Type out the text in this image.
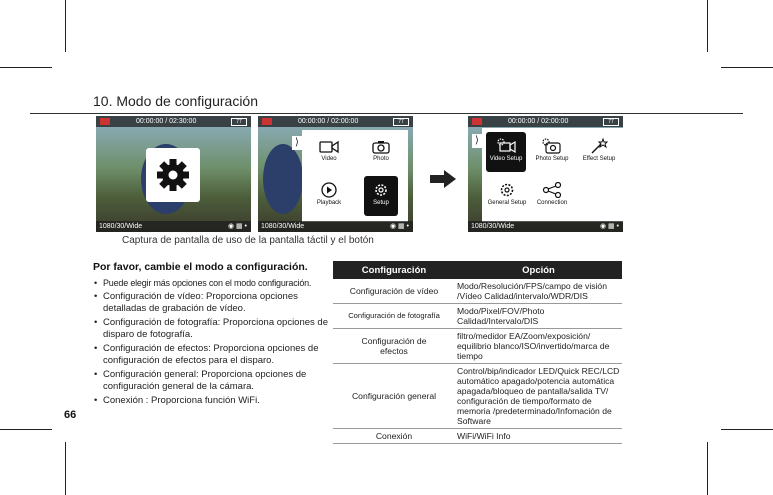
10. Modo de configuración
00:00:00 / 02:30:00	77
1080/30/Wide	◉ ▦ •
00:00:00 / 02:00:00	77
⟩
Video	Photo
Playback	Setup
1080/30/Wide	◉ ▦ •
00:00:00 / 02:00:00	77
⟩
Video Setup	Photo Setup	Effect Setup
General Setup	Connection
1080/30/Wide	◉ ▦ •
Captura de pantalla de uso de la pantalla táctil y el botón
Por favor, cambie el modo a configuración.
• Puede elegir más opciones con el modo configuración.
• Configuración de vídeo: Proporciona opciones detalladas de grabación de vídeo.
• Configuración de fotografía: Proporciona opciones de disparo de fotografía.
• Configuración de efectos: Proporciona opciones de configuración de efectos para el disparo.
• Configuración general: Proporciona opciones de configuración general de la cámara.
• Conexión : Proporciona función WiFi.
66
Configuración	Opción
Configuración de vídeo	Modo/Resolución/FPS/campo de visión /Vídeo Calidad/intervalo/WDR/DIS
Configuración de fotografía	Modo/Pixel/FOV/Photo Calidad/Intervalo/DIS
Configuración de efectos	filtro/medidor EA/Zoom/exposición/ equilibrio blanco/ISO/invertido/marca de tiempo
Configuración general	Control/bip/indicador LED/Quick REC/LCD automático apagado/potencia automática apagada/bloqueo de pantalla/salida TV/ configuración de tiempo/formato de memoria /predeterminado/Infomación de Software
Conexión	WiFi/WiFi Info
